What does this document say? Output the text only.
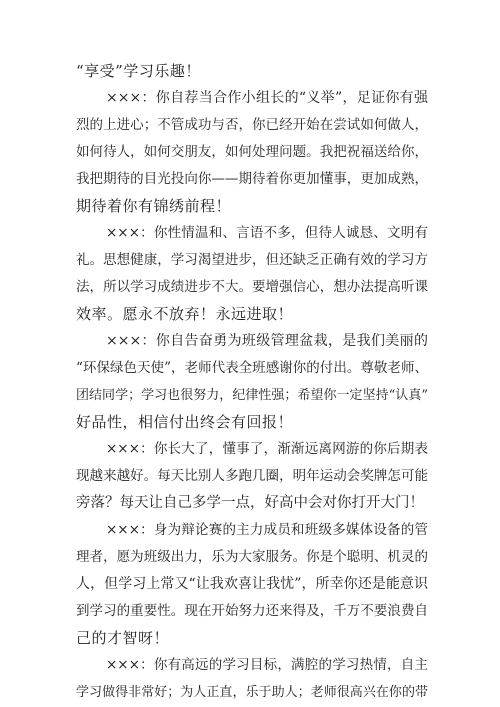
“享受”学习乐趣！
×××：你自荐当合作小组长的“义举”，足证你有强
烈的上进心；不管成功与否，你已经开始在尝试如何做人，
如何待人，如何交朋友，如何处理问题。我把祝福送给你，
我把期待的目光投向你——期待着你更加懂事，更加成熟，
期待着你有锦绣前程！
×××：你性情温和、言语不多，但待人诚恳、文明有
礼。思想健康，学习渴望进步，但还缺乏正确有效的学习方
法，所以学习成绩进步不大。要增强信心，想办法提高听课
效率。愿永不放弃！永远进取！
×××：你自告奋勇为班级管理盆栽，是我们美丽的
“环保绿色天使”，老师代表全班感谢你的付出。尊敬老师、
团结同学；学习也很努力，纪律性强；希望你一定坚持“认真”
好品性，相信付出终会有回报！
×××：你长大了，懂事了，渐渐远离网游的你后期表
现越来越好。每天比别人多跑几圈，明年运动会奖牌怎可能
旁落？每天让自己多学一点，好高中会对你打开大门！
×××：身为辩论赛的主力成员和班级多媒体设备的管
理者，愿为班级出力，乐为大家服务。你是个聪明、机灵的
人，但学习上常又“让我欢喜让我忧”，所幸你还是能意识
到学习的重要性。现在开始努力还来得及，千万不要浪费自
己的才智呀！
×××：你有高远的学习目标，满腔的学习热情，自主
学习做得非常好；为人正直，乐于助人；老师很高兴在你的带
